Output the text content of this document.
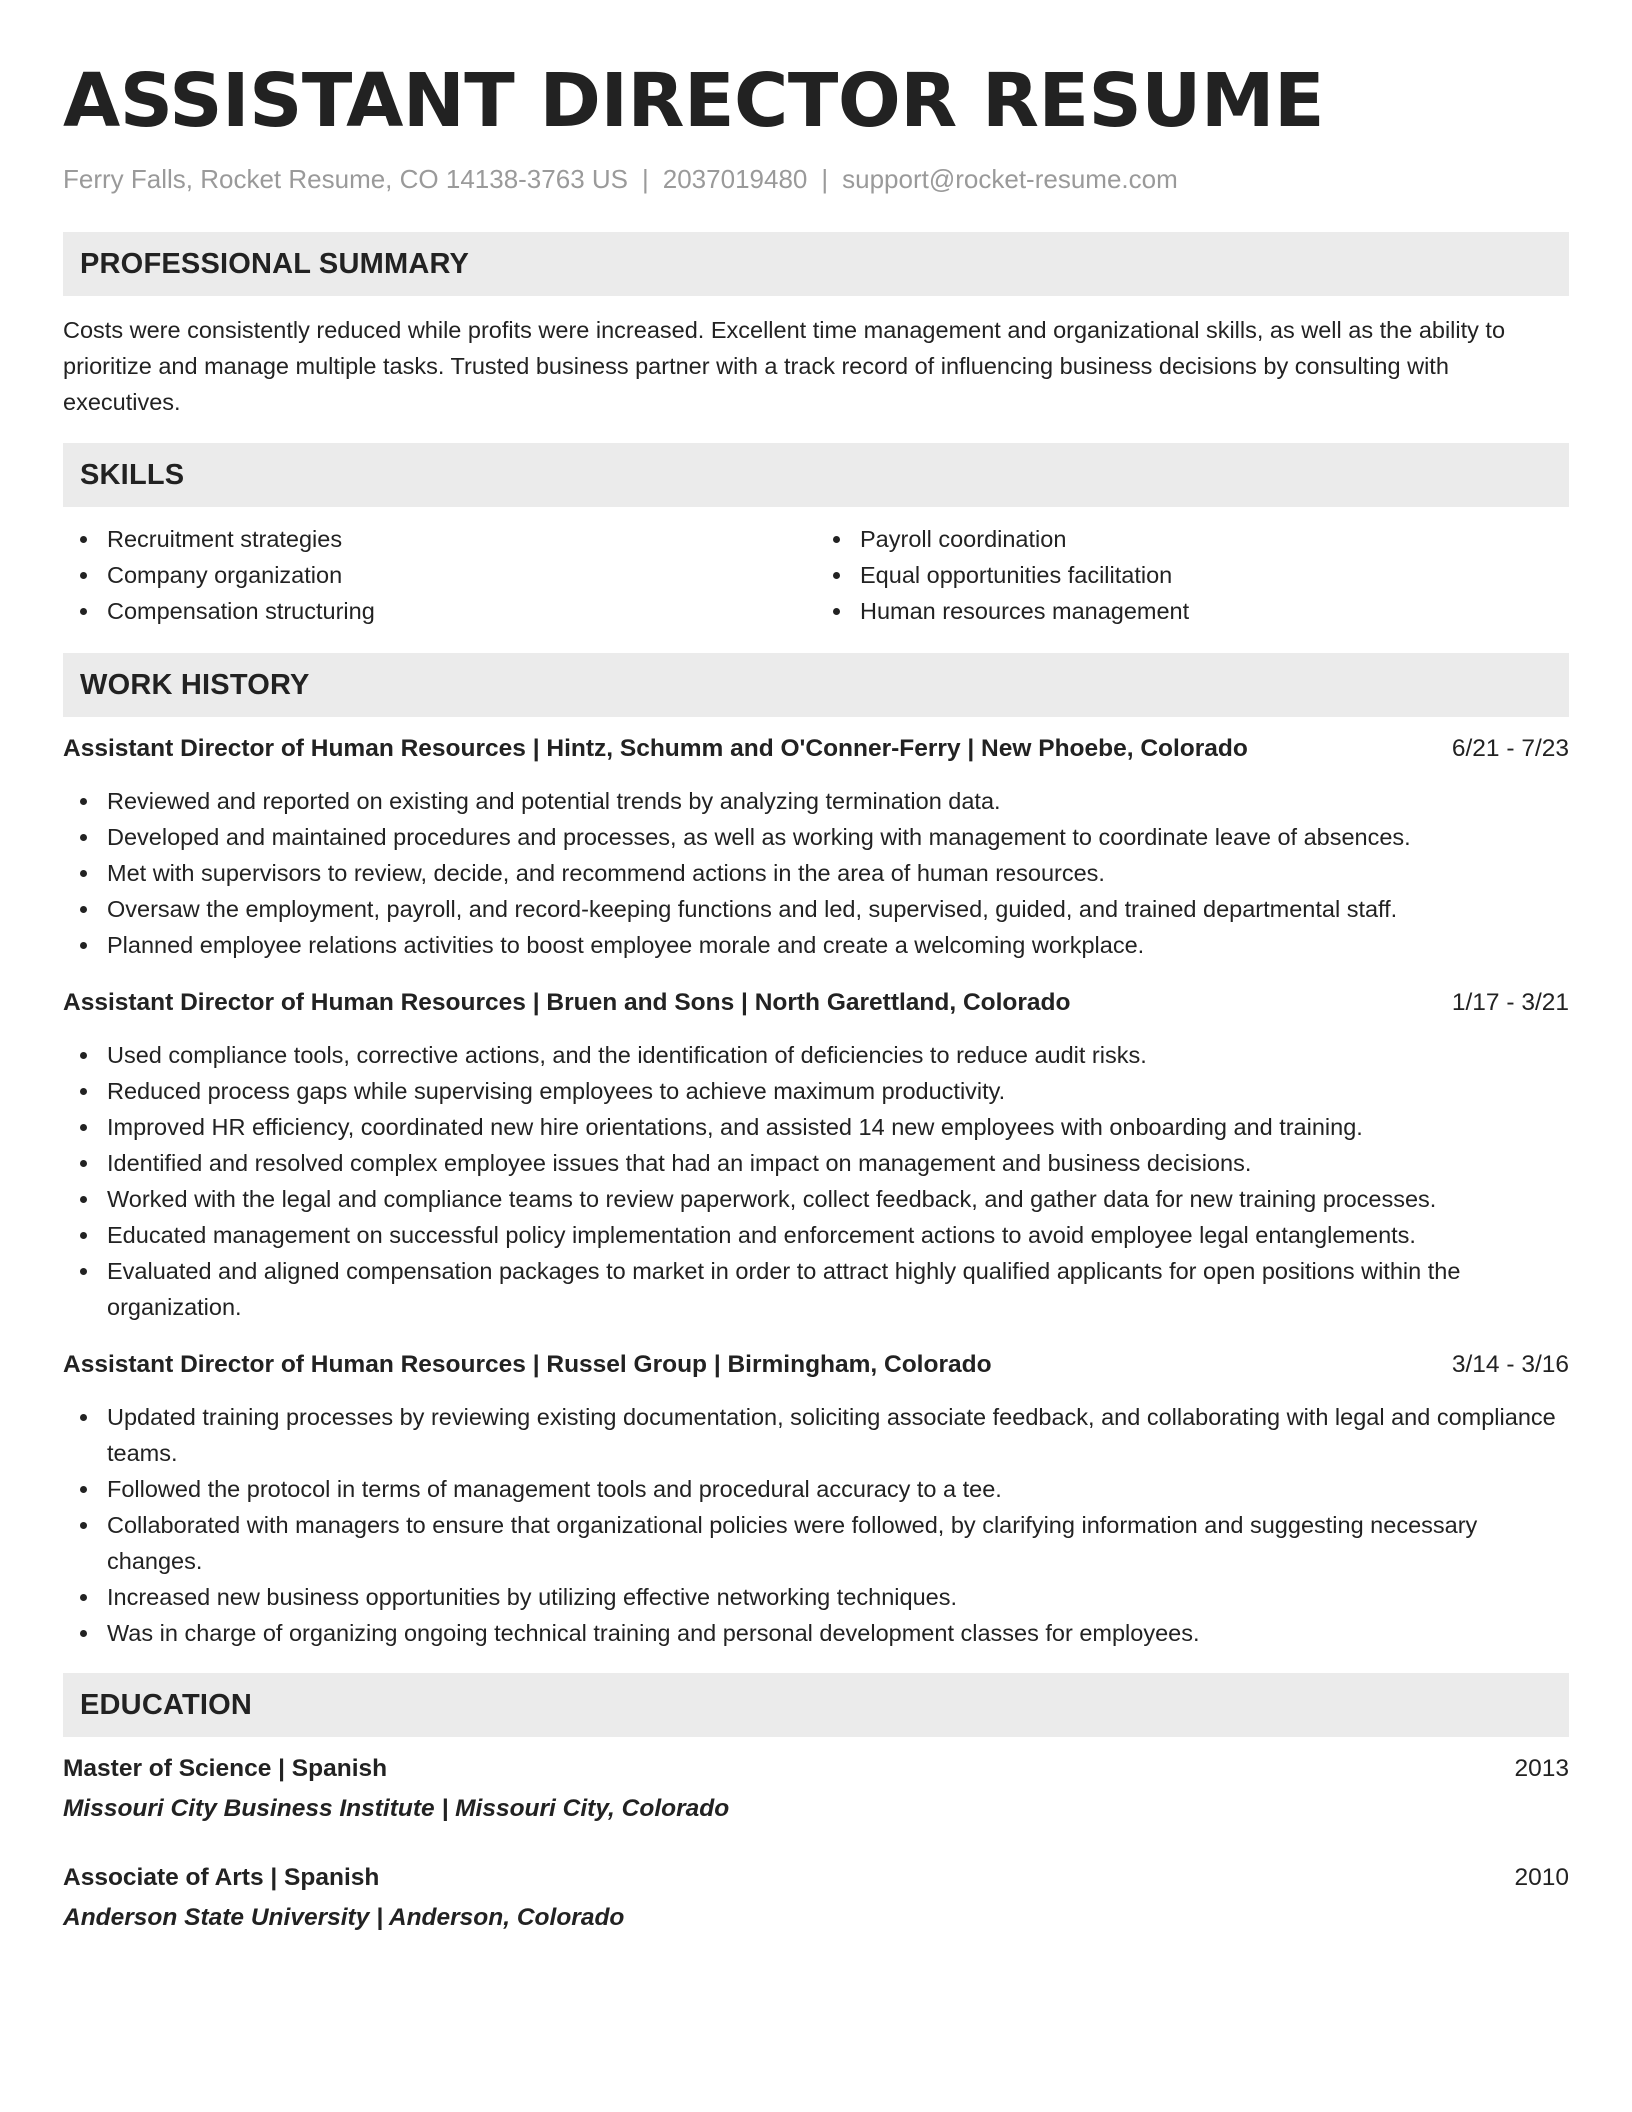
ASSISTANT DIRECTOR RESUME
Ferry Falls, Rocket Resume, CO 14138-3763 US | 2037019480 | support@rocket-resume.com
PROFESSIONAL SUMMARY

Costs were consistently reduced while profits were increased. Excellent time management and organizational skills, as well as the ability to prioritize and manage multiple tasks. Trusted business partner with a track record of influencing business decisions by consulting with executives.

SKILLS
Recruitment strategies
Company organization
Compensation structuring
Payroll coordination
Equal opportunities facilitation
Human resources management
WORK HISTORY
Assistant Director of Human Resources | Hintz, Schumm and O'Conner-Ferry | New Phoebe, Colorado	6/21 - 7/23
Reviewed and reported on existing and potential trends by analyzing termination data.
Developed and maintained procedures and processes, as well as working with management to coordinate leave of absences.
Met with supervisors to review, decide, and recommend actions in the area of human resources.
Oversaw the employment, payroll, and record-keeping functions and led, supervised, guided, and trained departmental staff.
Planned employee relations activities to boost employee morale and create a welcoming workplace.
Assistant Director of Human Resources | Bruen and Sons | North Garettland, Colorado	1/17 - 3/21
Used compliance tools, corrective actions, and the identification of deficiencies to reduce audit risks.
Reduced process gaps while supervising employees to achieve maximum productivity.
Improved HR efficiency, coordinated new hire orientations, and assisted 14 new employees with onboarding and training.
Identified and resolved complex employee issues that had an impact on management and business decisions.
Worked with the legal and compliance teams to review paperwork, collect feedback, and gather data for new training processes.
Educated management on successful policy implementation and enforcement actions to avoid employee legal entanglements.
Evaluated and aligned compensation packages to market in order to attract highly qualified applicants for open positions within the organization.
Assistant Director of Human Resources | Russel Group | Birmingham, Colorado	3/14 - 3/16
Updated training processes by reviewing existing documentation, soliciting associate feedback, and collaborating with legal and compliance teams.
Followed the protocol in terms of management tools and procedural accuracy to a tee.
Collaborated with managers to ensure that organizational policies were followed, by clarifying information and suggesting necessary changes.
Increased new business opportunities by utilizing effective networking techniques.
Was in charge of organizing ongoing technical training and personal development classes for employees.
EDUCATION
Master of Science | Spanish	2013
Missouri City Business Institute | Missouri City, Colorado
Associate of Arts | Spanish	2010
Anderson State University | Anderson, Colorado
